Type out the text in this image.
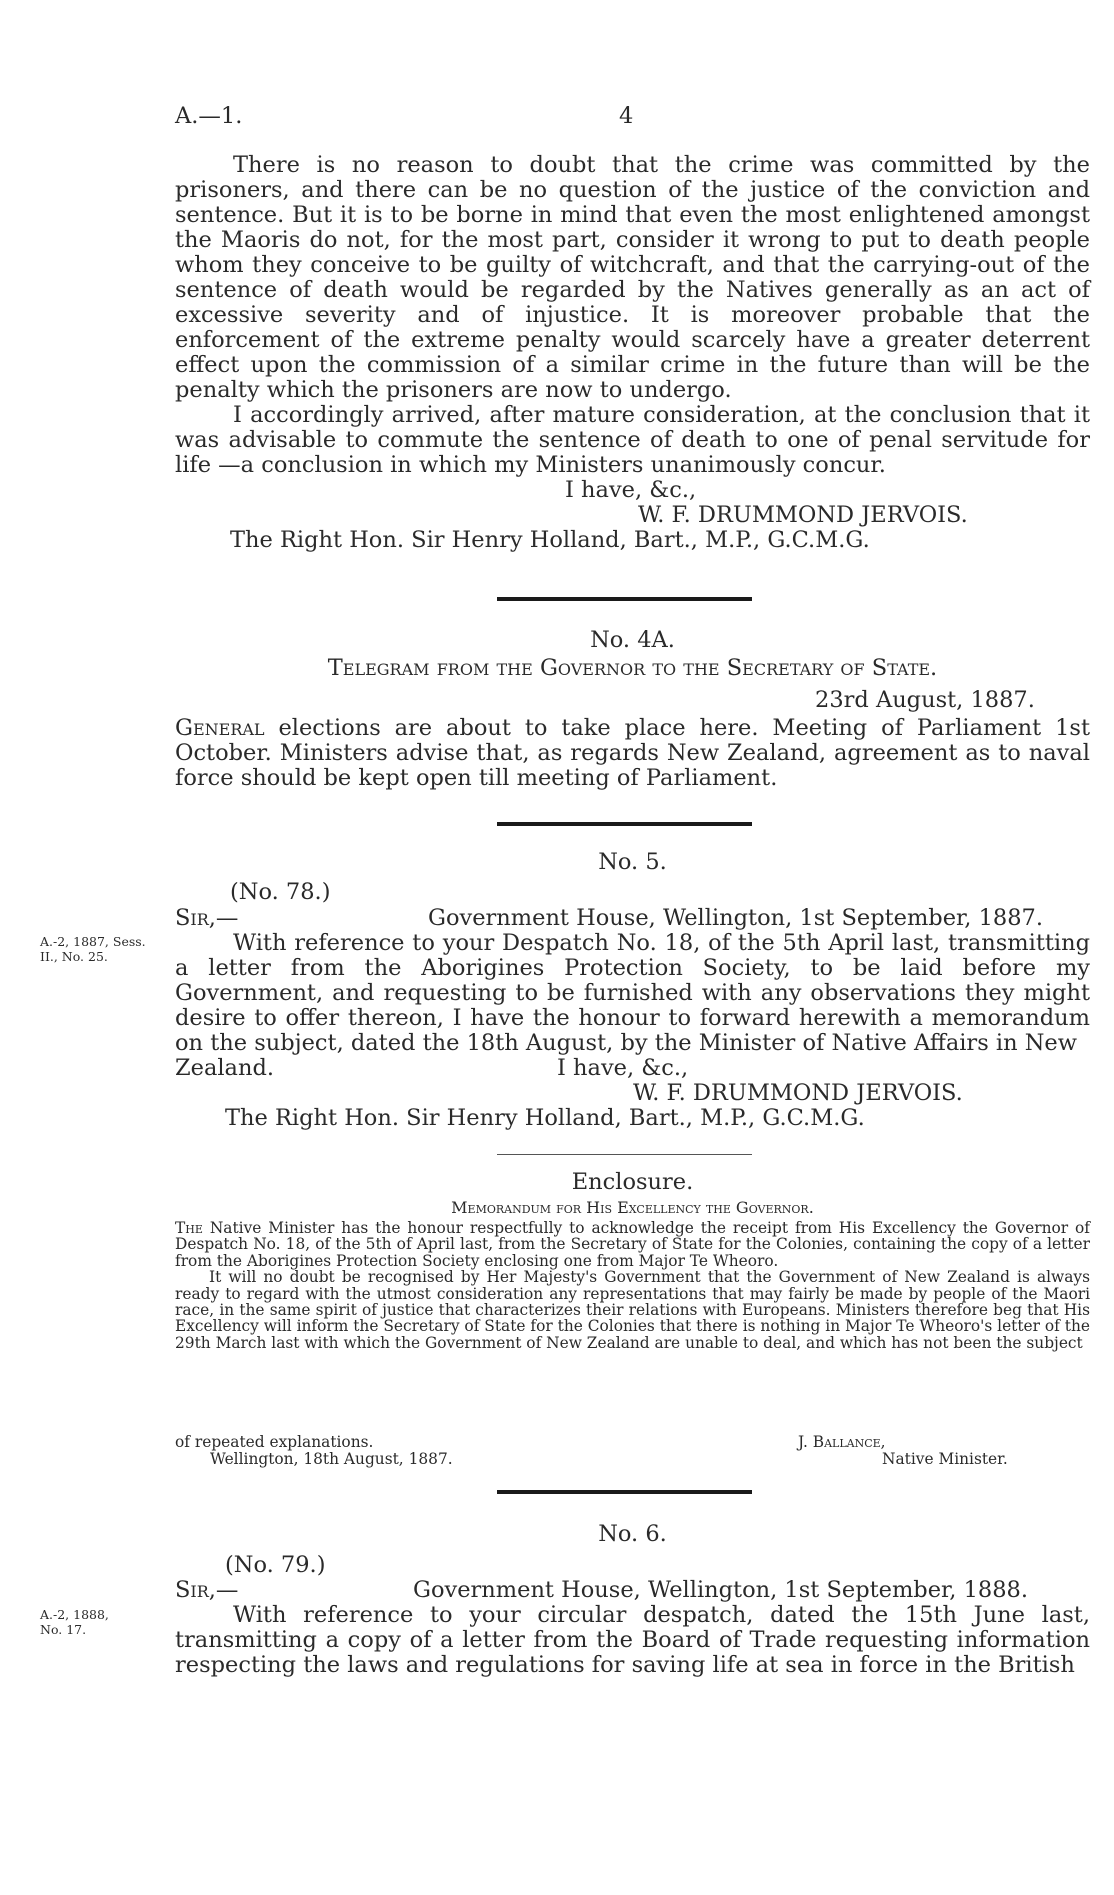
A.—1.	4

There is no reason to doubt that the crime was committed by the prisoners, and there can be no question of the justice of the conviction and sentence. But it is to be borne in mind that even the most enlightened amongst the Maoris do not, for the most part, consider it wrong to put to death people whom they conceive to be guilty of witchcraft, and that the carrying-out of the sentence of death would be regarded by the Natives generally as an act of excessive severity and of injustice. It is moreover probable that the enforcement of the extreme penalty would scarcely have a greater deterrent effect upon the commission of a similar crime in the future than will be the penalty which the prisoners are now to undergo.

I accordingly arrived, after mature consideration, at the conclusion that it was advisable to commute the sentence of death to one of penal servitude for life —a conclusion in which my Ministers unanimously concur.

I have, &c.,
W. F. DRUMMOND JERVOIS.
The Right Hon. Sir Henry Holland, Bart., M.P., G.C.M.G.
No. 4A.
Telegram from the Governor to the Secretary of State.
23rd August, 1887.

General elections are about to take place here. Meeting of Parliament 1st October. Ministers advise that, as regards New Zealand, agreement as to naval force should be kept open till meeting of Parliament.

No. 5.
(No. 78.)
Sir,—	Government House, Wellington, 1st September, 1887.
A.-2, 1887, Sess.
II., No. 25.

With reference to your Despatch No. 18, of the 5th April last, transmitting a letter from the Aborigines Protection Society, to be laid before my Government, and requesting to be furnished with any observations they might desire to offer thereon, I have the honour to forward herewith a memorandum on the subject, dated the 18th August, by the Minister of Native Affairs in New

Zealand.	I have, &c.,
W. F. DRUMMOND JERVOIS.
The Right Hon. Sir Henry Holland, Bart., M.P., G.C.M.G.
Enclosure.
Memorandum for His Excellency the Governor.

The Native Minister has the honour respectfully to acknowledge the receipt from His Excellency the Governor of Despatch No. 18, of the 5th of April last, from the Secretary of State for the Colonies, containing the copy of a letter from the Aborigines Protection Society enclosing one from Major Te Wheoro.

It will no doubt be recognised by Her Majesty's Government that the Government of New Zealand is always ready to regard with the utmost consideration any representations that may fairly be made by people of the Maori race, in the same spirit of justice that characterizes their relations with Europeans. Ministers therefore beg that His Excellency will inform the Secretary of State for the Colonies that there is nothing in Major Te Wheoro's letter of the 29th March last with which the Government of New Zealand are unable to deal, and which has not been the subject

of repeated explanations.	J. Ballance,
Wellington, 18th August, 1887.	Native Minister.
No. 6.
(No. 79.)
Sir,—	Government House, Wellington, 1st September, 1888.
A.-2, 1888,
No. 17.

With reference to your circular despatch, dated the 15th June last, transmitting a copy of a letter from the Board of Trade requesting information respecting the laws and regulations for saving life at sea in force in the British
